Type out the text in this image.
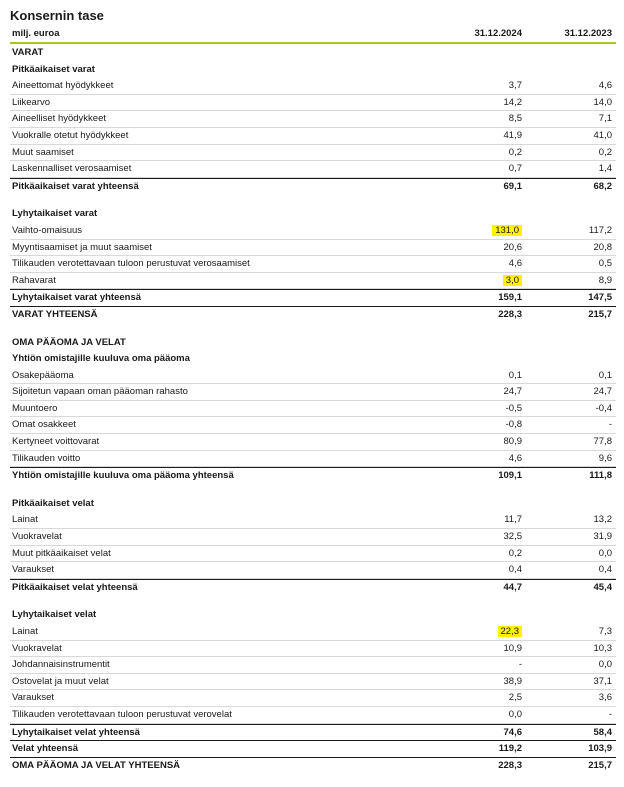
Konsernin tase
milj. euroa	31.12.2024	31.12.2023
VARAT
Pitkäaikaiset varat
Aineettomat hyödykkeet	3,7	4,6
Liikearvo	14,2	14,0
Aineelliset hyödykkeet	8,5	7,1
Vuokralle otetut hyödykkeet	41,9	41,0
Muut saamiset	0,2	0,2
Laskennalliset verosaamiset	0,7	1,4
Pitkäaikaiset varat yhteensä	69,1	68,2
Lyhytaikaiset varat
Vaihto-omaisuus	131,0	117,2
Myyntisaamiset ja muut saamiset	20,6	20,8
Tilikauden verotettavaan tuloon perustuvat verosaamiset	4,6	0,5
Rahavarat	3,0	8,9
Lyhytaikaiset varat yhteensä	159,1	147,5
VARAT YHTEENSÄ	228,3	215,7
OMA PÄÄOMA JA VELAT
Yhtiön omistajille kuuluva oma pääoma
Osakepääoma	0,1	0,1
Sijoitetun vapaan oman pääoman rahasto	24,7	24,7
Muuntoero	-0,5	-0,4
Omat osakkeet	-0,8	-
Kertyneet voittovarat	80,9	77,8
Tilikauden voitto	4,6	9,6
Yhtiön omistajille kuuluva oma pääoma yhteensä	109,1	111,8
Pitkäaikaiset velat
Lainat	11,7	13,2
Vuokravelat	32,5	31,9
Muut pitkäaikaiset velat	0,2	0,0
Varaukset	0,4	0,4
Pitkäaikaiset velat yhteensä	44,7	45,4
Lyhytaikaiset velat
Lainat	22,3	7,3
Vuokravelat	10,9	10,3
Johdannaisinstrumentit	-	0,0
Ostovelat ja muut velat	38,9	37,1
Varaukset	2,5	3,6
Tilikauden verotettavaan tuloon perustuvat verovelat	0,0	-
Lyhytaikaiset velat yhteensä	74,6	58,4
Velat yhteensä	119,2	103,9
OMA PÄÄOMA JA VELAT YHTEENSÄ	228,3	215,7
